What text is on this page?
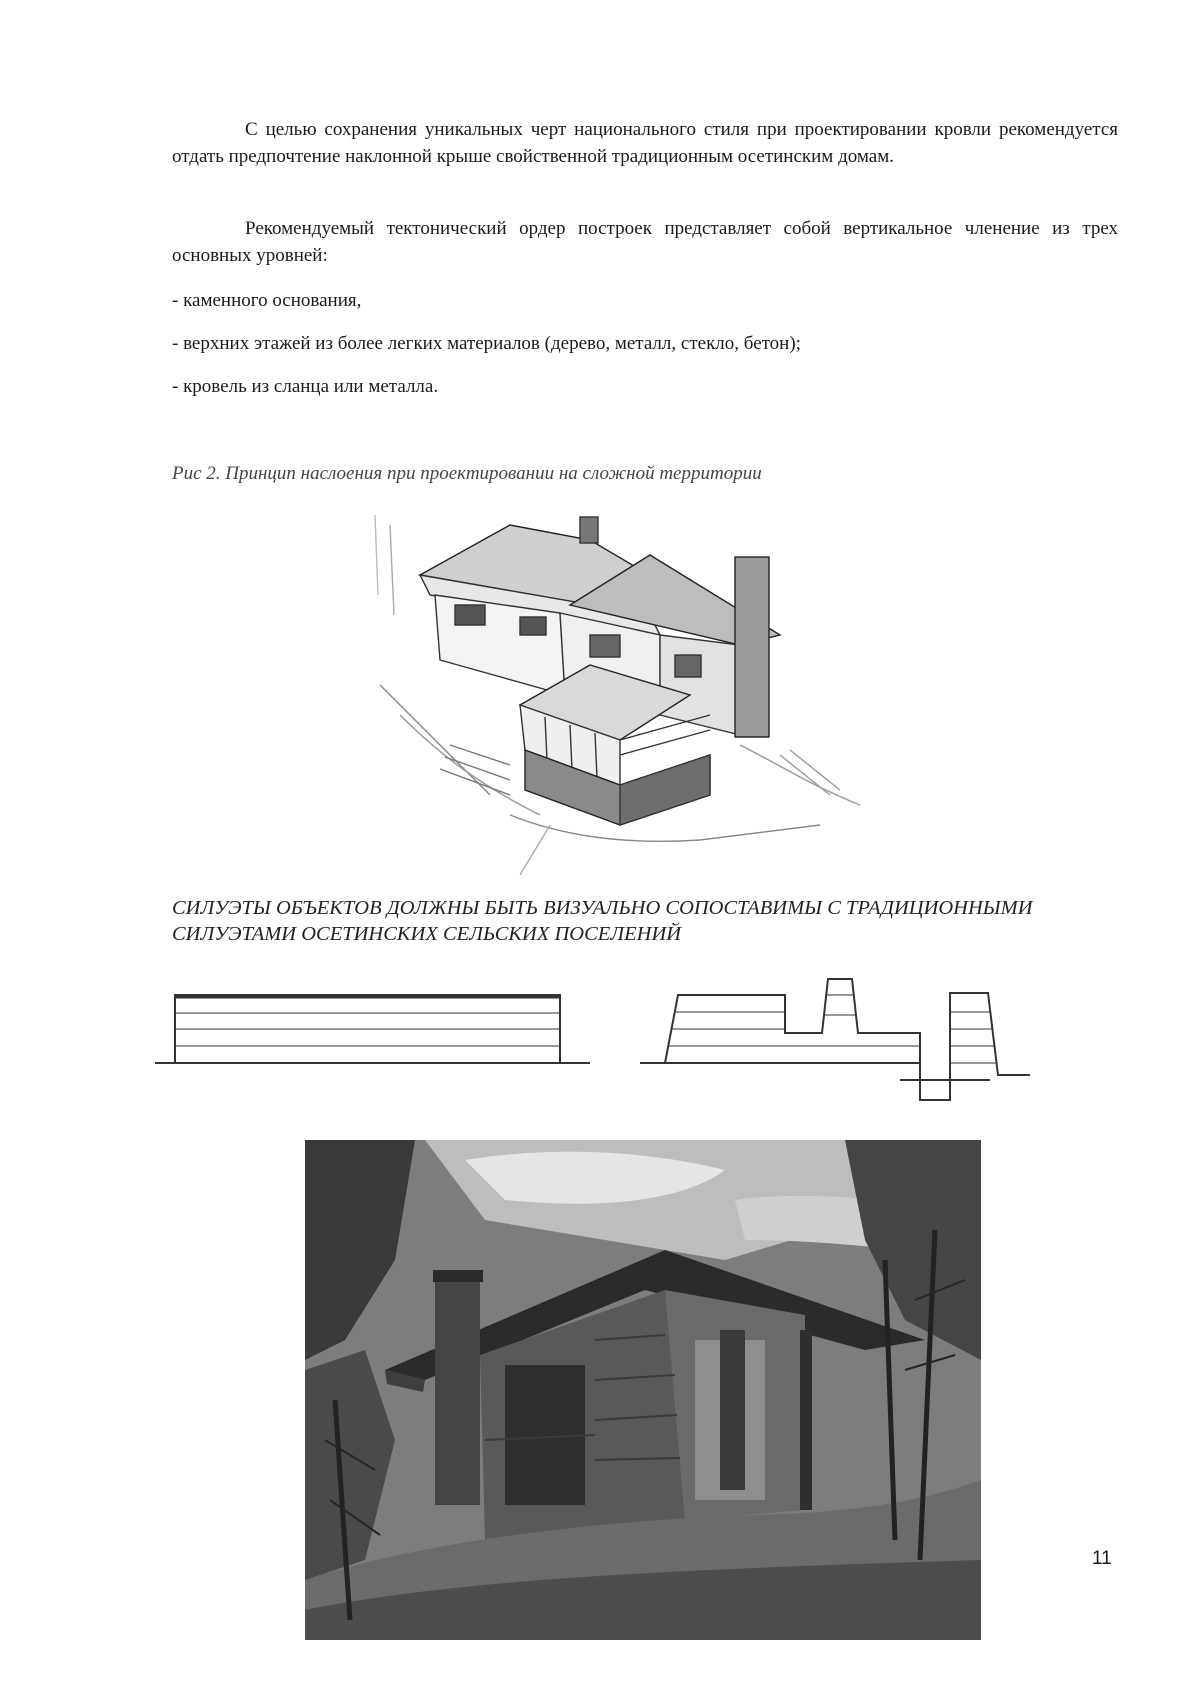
С целью сохранения уникальных черт национального стиля при проектировании кровли рекомендуется отдать предпочтение наклонной крыше свойственной традиционным осетинским домам.

Рекомендуемый тектонический ордер построек представляет собой вертикальное членение из трех основных уровней:

- каменного основания,

- верхних этажей из более легких материалов (дерево, металл, стекло, бетон);

- кровель из сланца или металла.

Рис 2. Принцип наслоения при проектировании на сложной территории

СИЛУЭТЫ ОБЪЕКТОВ ДОЛЖНЫ БЫТЬ ВИЗУАЛЬНО СОПОСТАВИМЫ С ТРАДИЦИОННЫМИ СИЛУЭТАМИ ОСЕТИНСКИХ СЕЛЬСКИХ ПОСЕЛЕНИЙ

11
